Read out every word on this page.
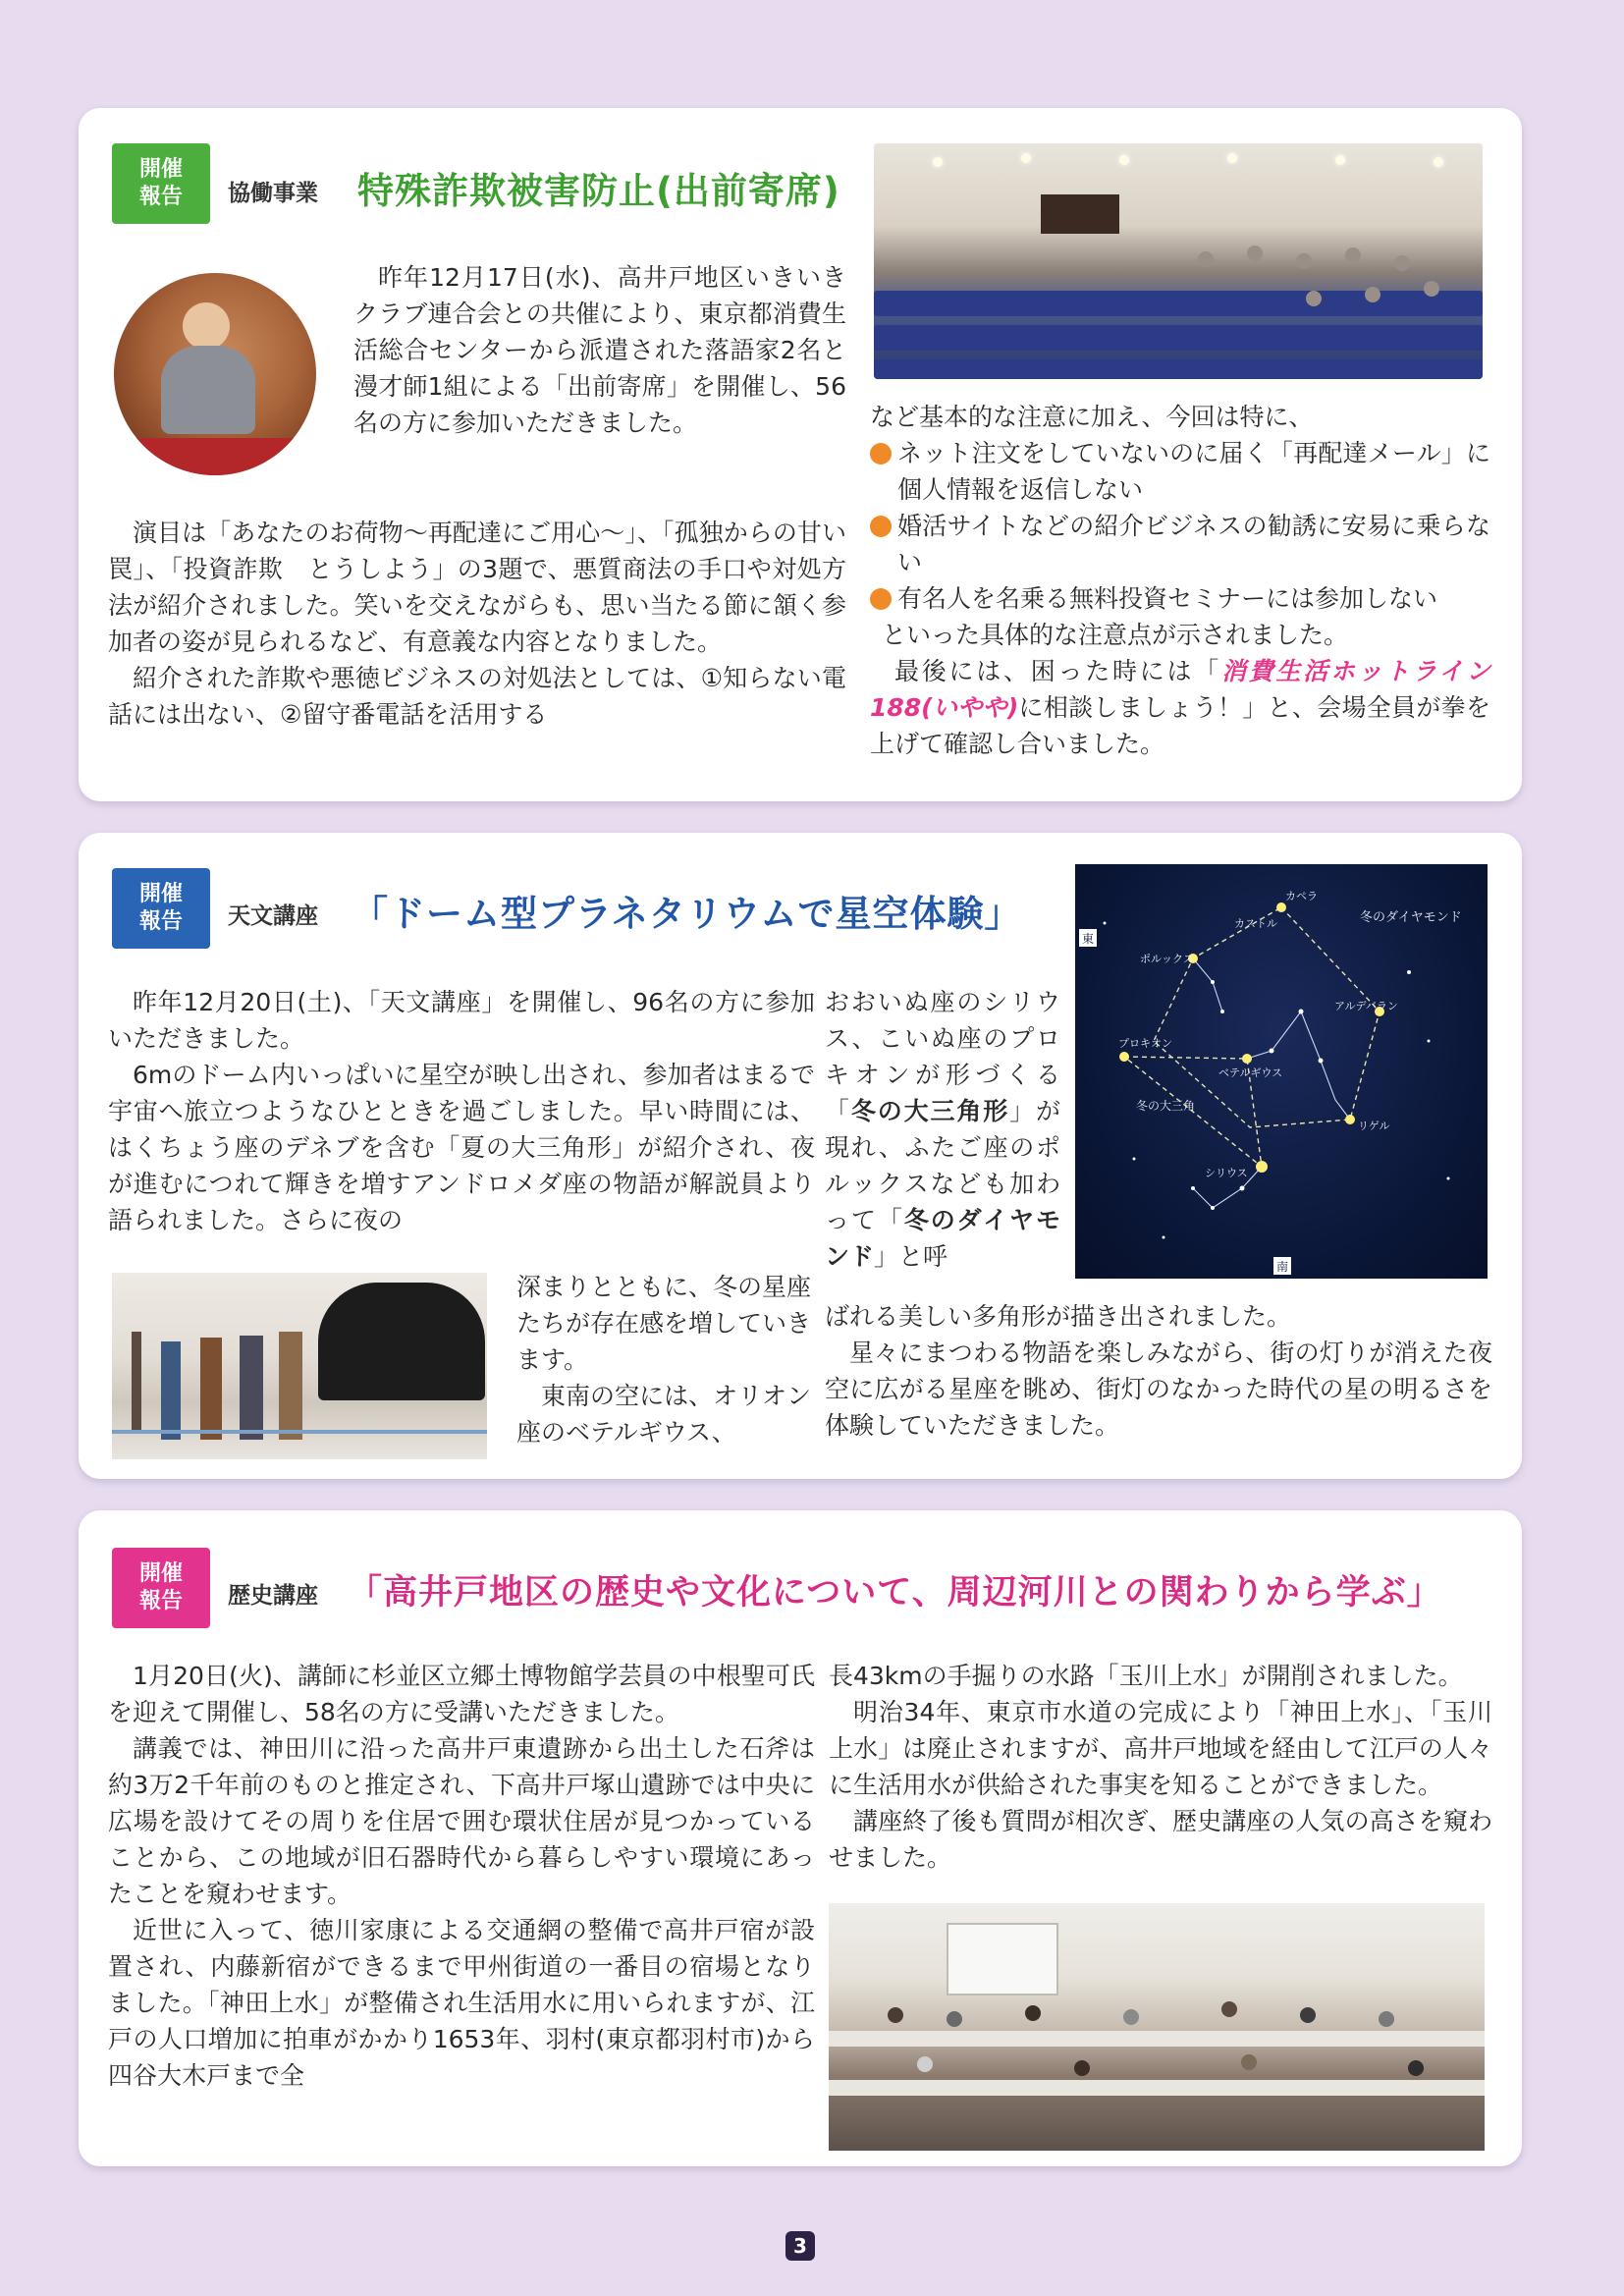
開催報告	協働事業 特殊詐欺被害防止(出前寄席)

昨年12月17日(水)、高井戸地区いきいきクラブ連合会との共催により、東京都消費生活総合センターから派遣された落語家2名と漫才師1組による「出前寄席」を開催し、56名の方に参加いただきました。

演目は「あなたのお荷物〜再配達にご用心〜」、「孤独からの甘い罠」、「投資詐欺　とうしよう」の3題で、悪質商法の手口や対処方法が紹介されました。笑いを交えながらも、思い当たる節に頷く参加者の姿が見られるなど、有意義な内容となりました。

紹介された詐欺や悪徳ビジネスの対処法としては、①知らない電話には出ない、②留守番電話を活用する

など基本的な注意に加え、今回は特に、

ネット注文をしていないのに届く「再配達メール」に個人情報を返信しない
婚活サイトなどの紹介ビジネスの勧誘に安易に乗らない
有名人を名乗る無料投資セミナーには参加しない

といった具体的な注意点が示されました。

最後には、困った時には「消費生活ホットライン188(いやや)に相談しましょう！」と、会場全員が拳を上げて確認し合いました。

開催報告	天文講座 「ドーム型プラネタリウムで星空体験」

昨年12月20日(土)、「天文講座」を開催し、96名の方に参加いただきました。

6mのドーム内いっぱいに星空が映し出され、参加者はまるで宇宙へ旅立つようなひとときを過ごしました。早い時間には、はくちょう座のデネブを含む「夏の大三角形」が紹介され、夜が進むにつれて輝きを増すアンドロメダ座の物語が解説員より語られました。さらに夜の

深まりとともに、冬の星座たちが存在感を増していきます。

東南の空には、オリオン座のベテルギウス、

おおいぬ座のシリウス、こいぬ座のプロキオンが形づくる「冬の大三角形」が現れ、ふたご座のポルックスなども加わって「冬のダイヤモンド」と呼

カペラ
冬のダイヤモンド
ポルックス
カストル
アルデバラン
プロキオン
ベテルギウス
リゲル
シリウス
冬の大三角
東
南

ばれる美しい多角形が描き出されました。

星々にまつわる物語を楽しみながら、街の灯りが消えた夜空に広がる星座を眺め、街灯のなかった時代の星の明るさを体験していただきました。

開催報告	歴史講座 「高井戸地区の歴史や文化について、周辺河川との関わりから学ぶ」

1月20日(火)、講師に杉並区立郷土博物館学芸員の中根聖可氏を迎えて開催し、58名の方に受講いただきました。

講義では、神田川に沿った高井戸東遺跡から出土した石斧は約3万2千年前のものと推定され、下高井戸塚山遺跡では中央に広場を設けてその周りを住居で囲む環状住居が見つかっていることから、この地域が旧石器時代から暮らしやすい環境にあったことを窺わせます。

近世に入って、徳川家康による交通網の整備で高井戸宿が設置され、内藤新宿ができるまで甲州街道の一番目の宿場となりました。「神田上水」が整備され生活用水に用いられますが、江戸の人口増加に拍車がかかり1653年、羽村(東京都羽村市)から四谷大木戸まで全

長43kmの手掘りの水路「玉川上水」が開削されました。

明治34年、東京市水道の完成により「神田上水」、「玉川上水」は廃止されますが、高井戸地域を経由して江戸の人々に生活用水が供給された事実を知ることができました。

講座終了後も質問が相次ぎ、歴史講座の人気の高さを窺わせました。

3
